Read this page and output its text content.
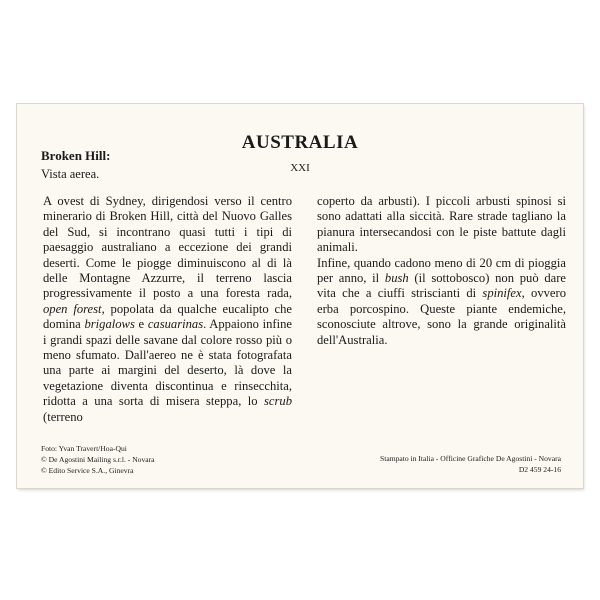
AUSTRALIA
Broken Hill:
Vista aerea.	XXI

A ovest di Sydney, dirigendosi verso il centro minerario di Broken Hill, città del Nuovo Galles del Sud, si incontrano quasi tutti i tipi di paesaggio australiano a eccezione dei grandi deserti. Come le piogge diminuiscono al di là delle Montagne Azzurre, il terreno lascia progressivamente il posto a una foresta rada, open forest, popolata da qualche eucalipto che domina brigalows e casuarinas. Appaiono infine i grandi spazi delle savane dal colore rosso più o meno sfumato. Dall'aereo ne è stata fotografata una parte ai margini del deserto, là dove la vegetazione diventa discontinua e rinsecchita, ridotta a una sorta di misera steppa, lo scrub (terreno

coperto da arbusti). I piccoli arbusti spinosi si sono adattati alla siccità. Rare strade tagliano la pianura intersecandosi con le piste battute dagli animali.

Infine, quando cadono meno di 20 cm di pioggia per anno, il bush (il sottobosco) non può dare vita che a ciuffi striscianti di spinifex, ovvero erba porcospino. Queste piante endemiche, sconosciute altrove, sono la grande originalità dell'Australia.

Foto: Yvan Travert/Hoa-Qui
© De Agostini Mailing s.r.l. - Novara
© Edito Service S.A., Ginevra
Stampato in Italia - Officine Grafiche De Agostini - Novara
D2 459 24-16
